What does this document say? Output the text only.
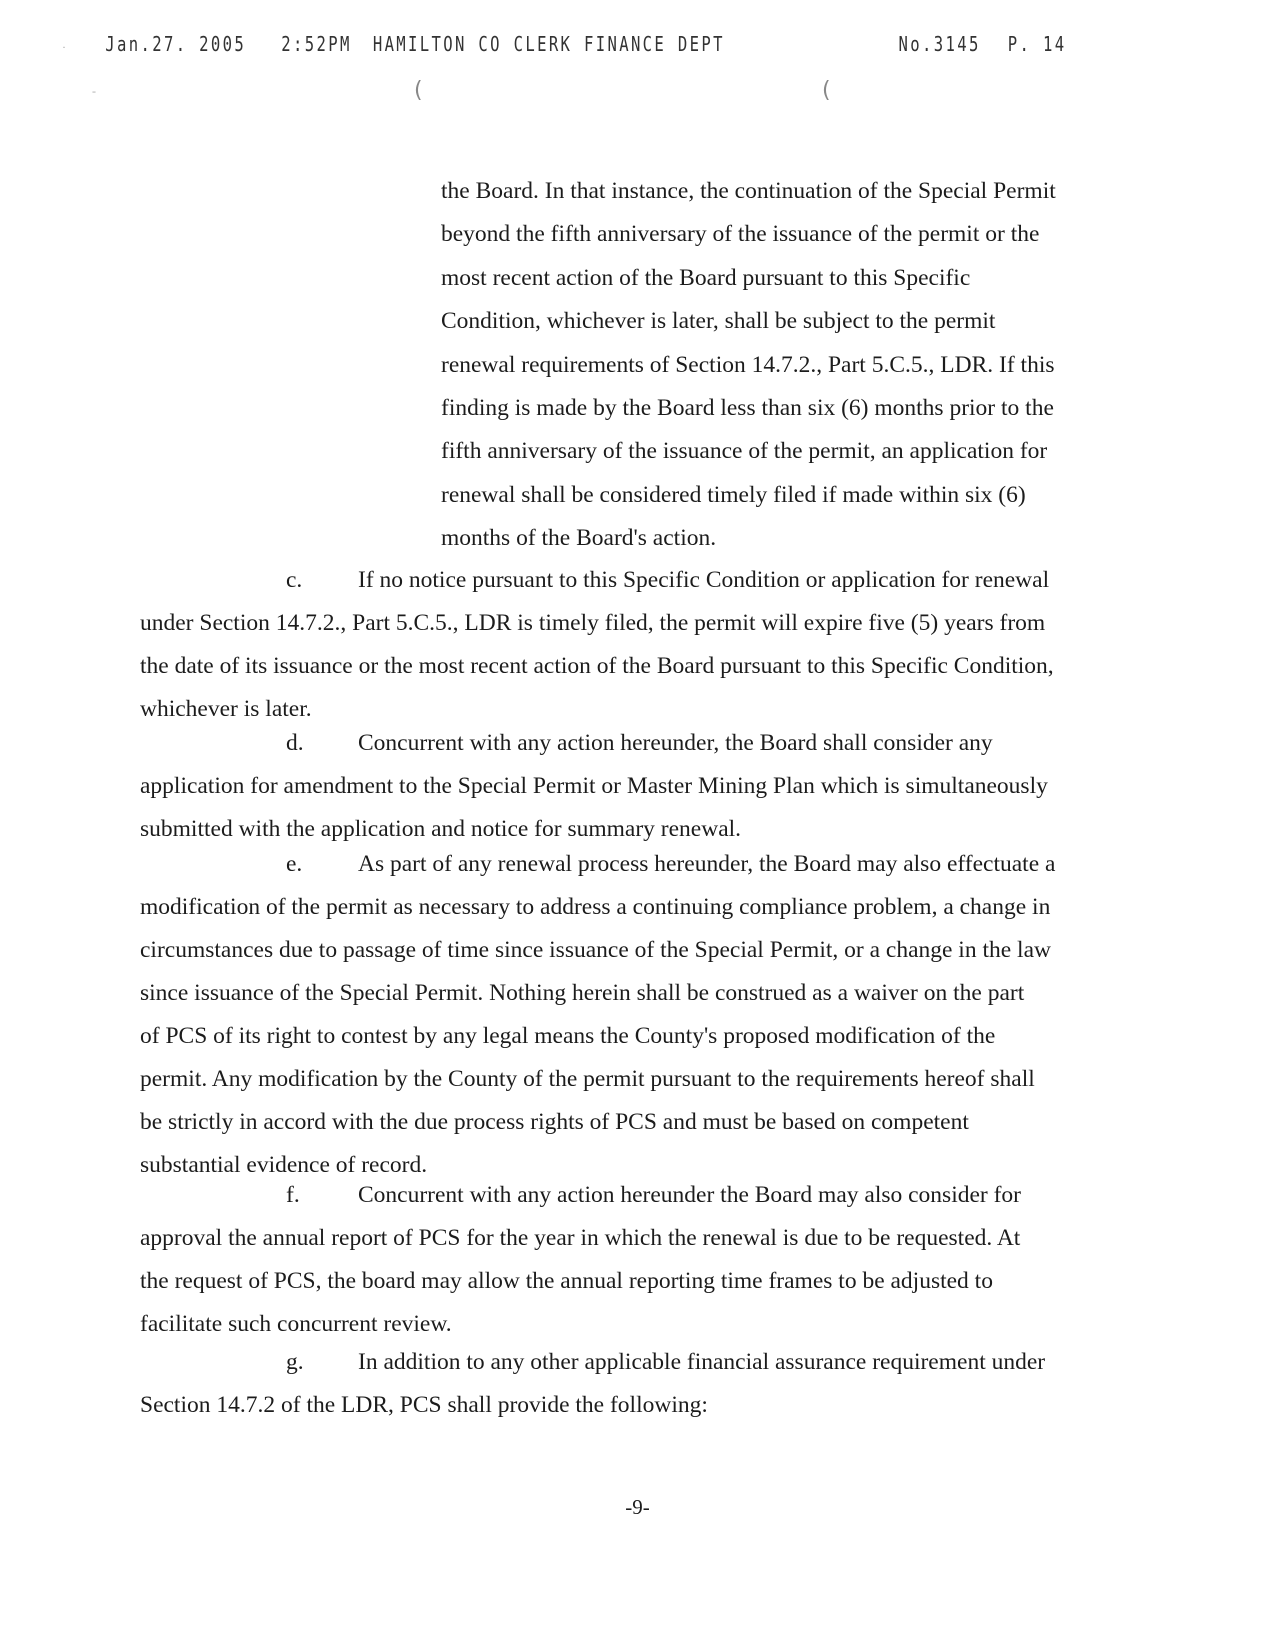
Jan.27. 2005 2:52PM HAMILTON CO CLERK FINANCE DEPT	No.3145 P. 14
(	(
·
-

the Board. In that instance, the continuation of the Special Permit

beyond the fifth anniversary of the issuance of the permit or the

most recent action of the Board pursuant to this Specific

Condition, whichever is later, shall be subject to the permit

renewal requirements of Section 14.7.2., Part 5.C.5., LDR. If this

finding is made by the Board less than six (6) months prior to the

fifth anniversary of the issuance of the permit, an application for

renewal shall be considered timely filed if made within six (6)

months of the Board's action.

c. If no notice pursuant to this Specific Condition or application for renewal

under Section 14.7.2., Part 5.C.5., LDR is timely filed, the permit will expire five (5) years from

the date of its issuance or the most recent action of the Board pursuant to this Specific Condition,

whichever is later.

d. Concurrent with any action hereunder, the Board shall consider any

application for amendment to the Special Permit or Master Mining Plan which is simultaneously

submitted with the application and notice for summary renewal.

e. As part of any renewal process hereunder, the Board may also effectuate a

modification of the permit as necessary to address a continuing compliance problem, a change in

circumstances due to passage of time since issuance of the Special Permit, or a change in the law

since issuance of the Special Permit. Nothing herein shall be construed as a waiver on the part

of PCS of its right to contest by any legal means the County's proposed modification of the

permit. Any modification by the County of the permit pursuant to the requirements hereof shall

be strictly in accord with the due process rights of PCS and must be based on competent

substantial evidence of record.

f. Concurrent with any action hereunder the Board may also consider for

approval the annual report of PCS for the year in which the renewal is due to be requested. At

the request of PCS, the board may allow the annual reporting time frames to be adjusted to

facilitate such concurrent review.

g. In addition to any other applicable financial assurance requirement under

Section 14.7.2 of the LDR, PCS shall provide the following:

-9-
